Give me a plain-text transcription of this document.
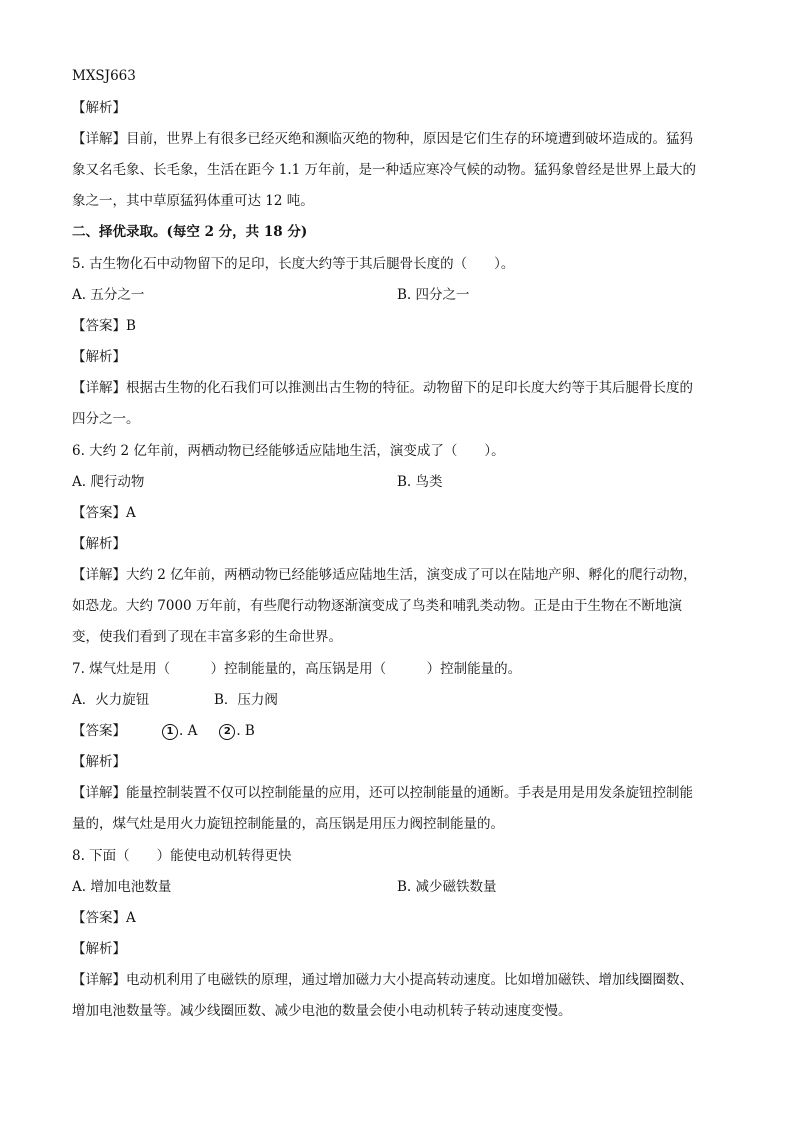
MXSJ663
【解析】
【详解】目前，世界上有很多已经灭绝和濒临灭绝的物种，原因是它们生存的环境遭到破坏造成的。猛犸
象又名毛象、长毛象，生活在距今 1.1 万年前，是一种适应寒冷气候的动物。猛犸象曾经是世界上最大的
象之一，其中草原猛犸体重可达 12 吨。
二、择优录取。(每空 2 分，共 18 分)
5. 古生物化石中动物留下的足印，长度大约等于其后腿骨长度的（　　）。
A. 五分之一	B. 四分之一
【答案】B
【解析】
【详解】根据古生物的化石我们可以推测出古生物的特征。动物留下的足印长度大约等于其后腿骨长度的
四分之一。
6. 大约 2 亿年前，两栖动物已经能够适应陆地生活，演变成了（　　）。
A. 爬行动物	B. 鸟类
【答案】A
【解析】
【详解】大约 2 亿年前，两栖动物已经能够适应陆地生活，演变成了可以在陆地产卵、孵化的爬行动物，
如恐龙。大约 7000 万年前，有些爬行动物逐渐演变成了鸟类和哺乳类动物。正是由于生物在不断地演
变，使我们看到了现在丰富多彩的生命世界。
7. 煤气灶是用（　　　）控制能量的，高压锅是用（　　　）控制能量的。
A．火力旋钮	B．压力阀
【答案】	1 . A	2 . B
【解析】
【详解】能量控制装置不仅可以控制能量的应用，还可以控制能量的通断。手表是用是用发条旋钮控制能
量的，煤气灶是用火力旋钮控制能量的，高压锅是用压力阀控制能量的。
8. 下面（　　）能使电动机转得更快
A. 增加电池数量	B. 减少磁铁数量
【答案】A
【解析】
【详解】电动机利用了电磁铁的原理，通过增加磁力大小提高转动速度。比如增加磁铁、增加线圈圈数、
增加电池数量等。减少线圈匝数、减少电池的数量会使小电动机转子转动速度变慢。
